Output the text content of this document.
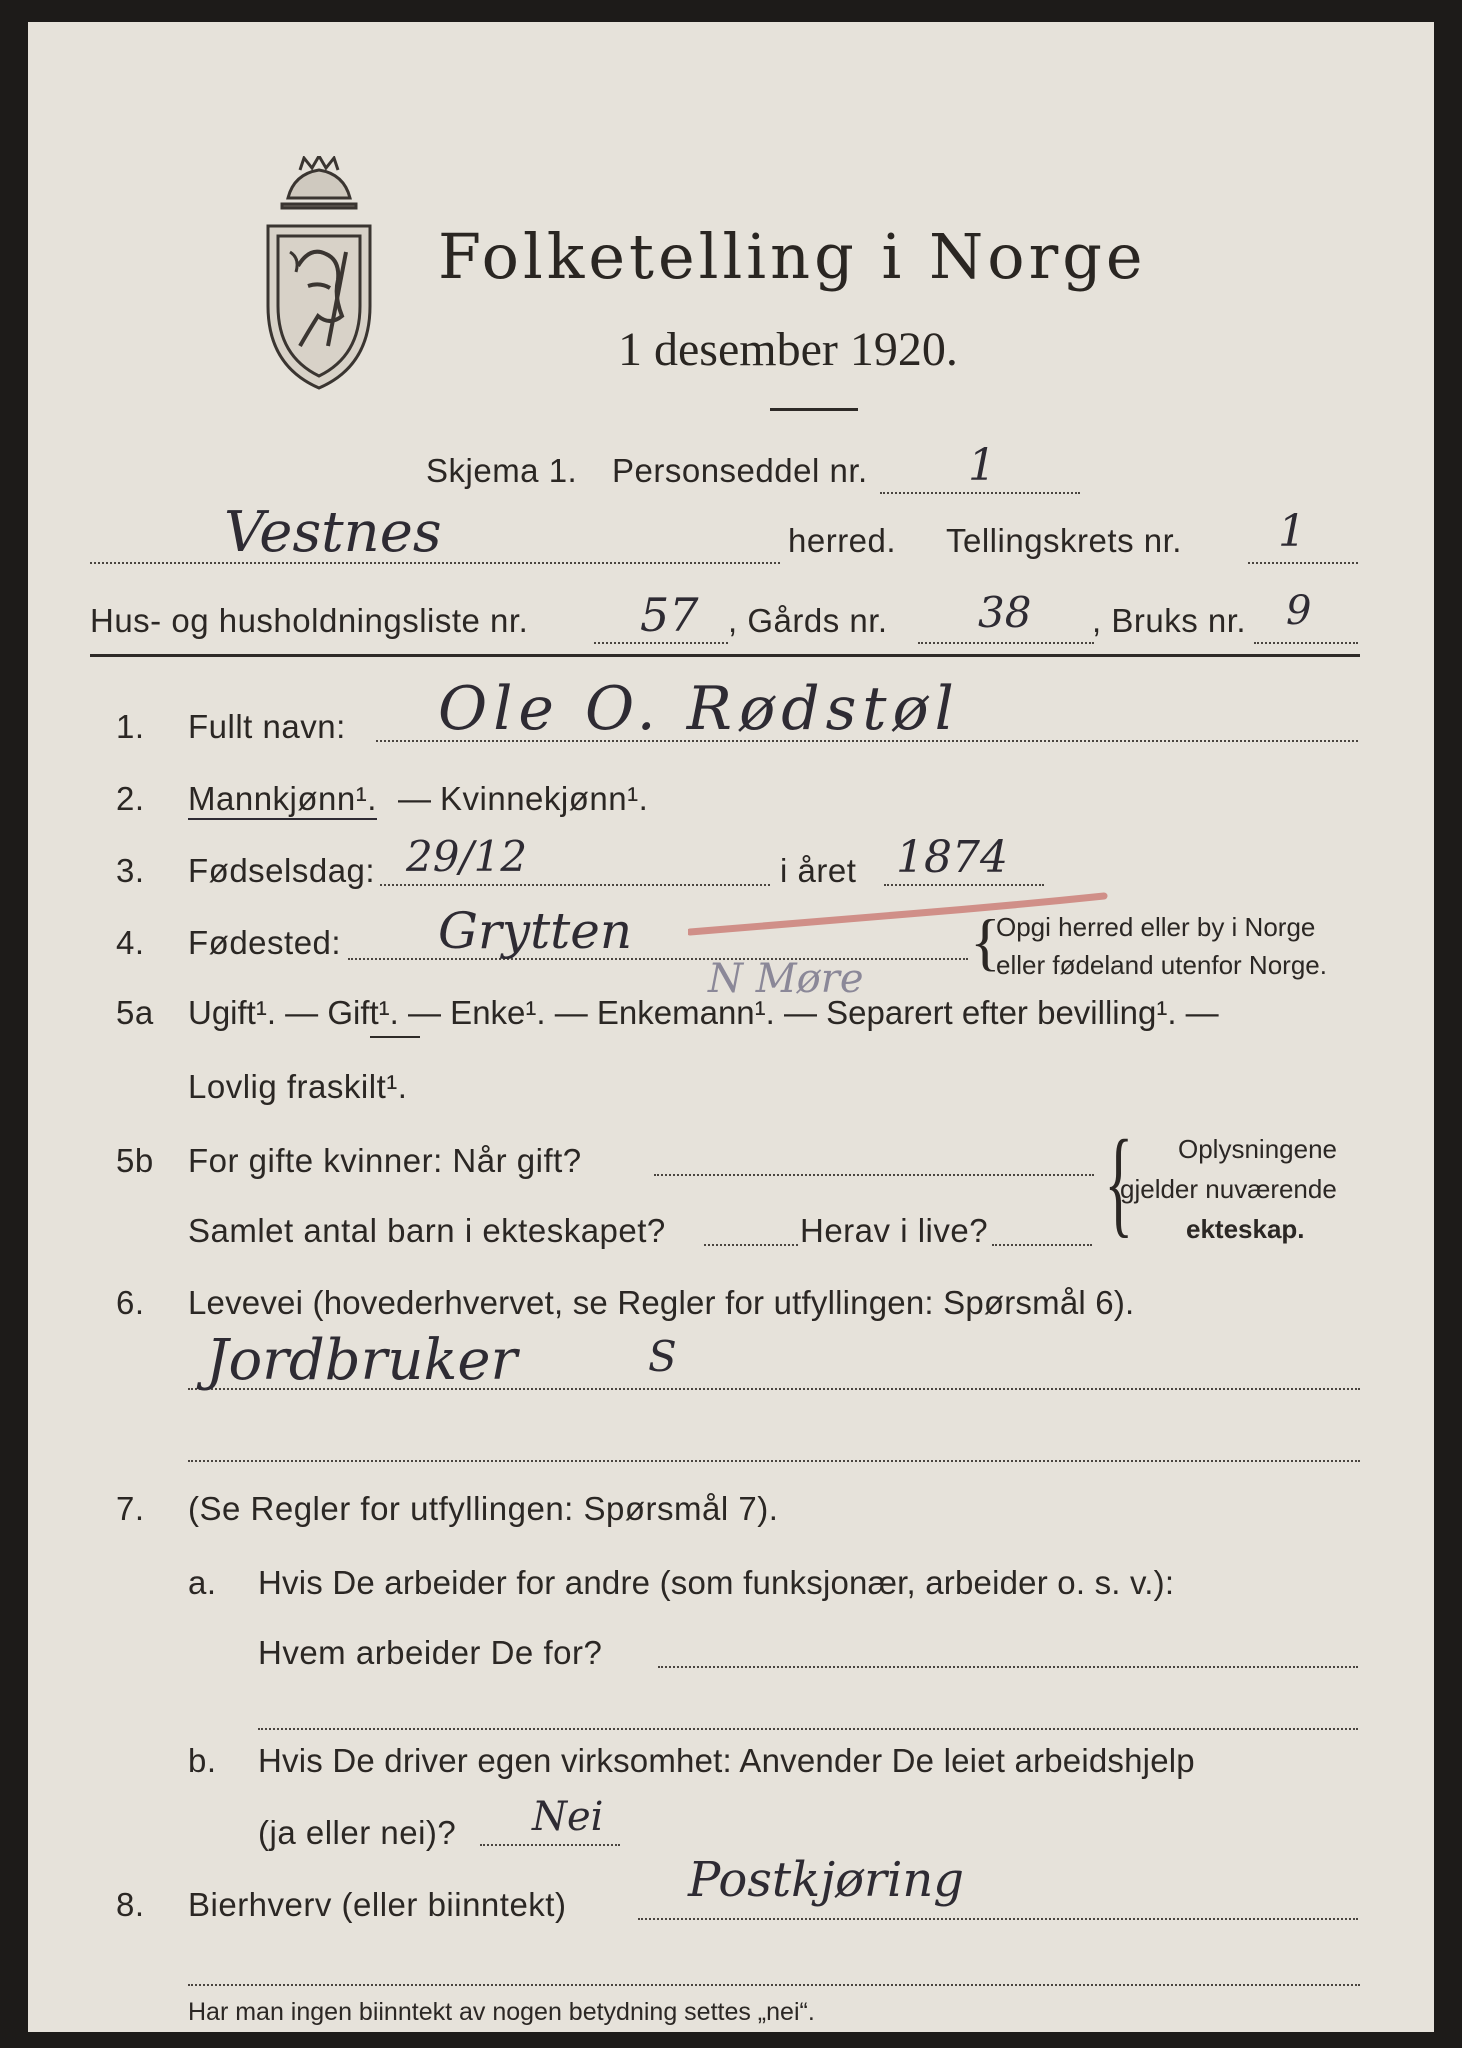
Folketelling i Norge
1 desember 1920.
Skjema 1. Personseddel nr. 1
Vestnes	herred. Tellingskrets nr. 1
Hus- og husholdningsliste nr. 57 , Gårds nr. 38 , Bruks nr. 9
1. Fullt navn: Ole O. Rødstøl
2. Mannkjønn¹. — Kvinnekjønn¹.
3. Fødselsdag: 29/12	i året 1874
4. Fødested: Grytten
N Møre
{
Opgi herred eller by i Norge
eller fødeland utenfor Norge.
5a Ugift¹. — Gift¹. — Enke¹. — Enkemann¹. — Separert efter bevilling¹. —
Lovlig fraskilt¹.
5b For gifte kvinner: Når gift?
Samlet antal barn i ekteskapet?	Herav i live? { Oplysningene
gjelder nuværende
ekteskap.
6. Levevei (hovederhvervet, se Regler for utfyllingen: Spørsmål 6).
Jordbruker	S
7. (Se Regler for utfyllingen: Spørsmål 7).
a. Hvis De arbeider for andre (som funksjonær, arbeider o. s. v.):
Hvem arbeider De for?
b. Hvis De driver egen virksomhet: Anvender De leiet arbeidshjelp
(ja eller nei)? Nei
8. Bierhverv (eller biinntekt)	Postkjøring
Har man ingen biinntekt av nogen betydning settes „nei“.
